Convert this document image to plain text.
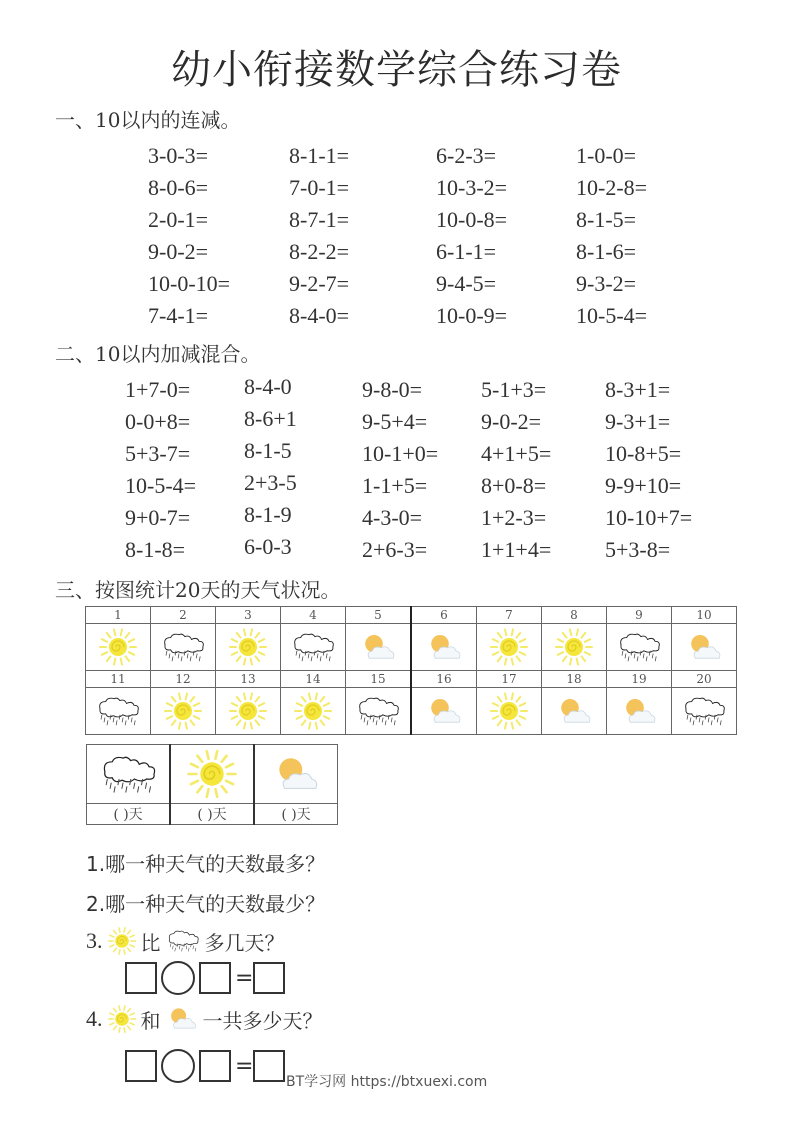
幼小衔接数学综合练习卷
一、10以内的连减。
3-0-3=	8-1-1=	6-2-3=	1-0-0=
8-0-6=	7-0-1=	10-3-2=	10-2-8=
2-0-1=	8-7-1=	10-0-8=	8-1-5=
9-0-2=	8-2-2=	6-1-1=	8-1-6=
10-0-10=	9-2-7=	9-4-5=	9-3-2=
7-4-1=	8-4-0=	10-0-9=	10-5-4=
二、10以内加减混合。
1+7-0=	8-4-0	9-8-0=	5-1+3=	8-3+1=
0-0+8=	8-6+1	9-5+4=	9-0-2=	9-3+1=
5+3-7=	8-1-5	10-1+0=	4+1+5=	10-8+5=
10-5-4=	2+3-5	1-1+5=	8+0-8=	9-9+10=
9+0-7=	8-1-9	4-3-0=	1+2-3=	10-10+7=
8-1-8=	6-0-3	2+6-3=	1+1+4=	5+3-8=
三、按图统计20天的天气状况。
1	2	3	4	5	6	7	8	9	10

11	12	13	14	15	16	17	18	19	20

( )天	( )天	( )天
1.哪一种天气的天数最多？
2.哪一种天气的天数最少？
3. 比 多几天？
=
4. 和 一共多少天？
=
BT学习网 https://btxuexi.com
